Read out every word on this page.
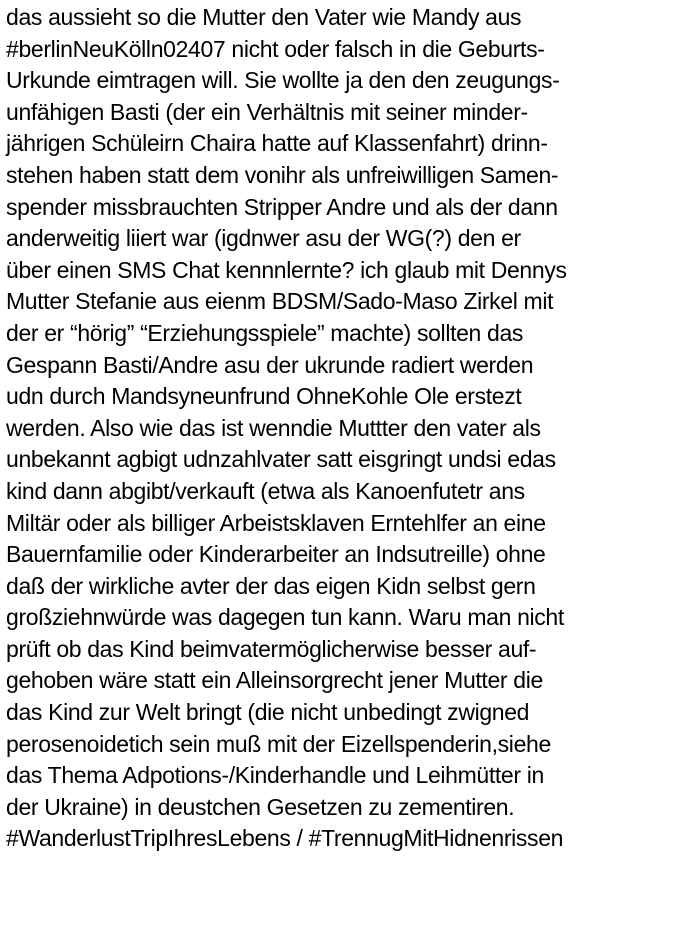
das aussieht so die Mutter den Vater wie Mandy aus
#berlinNeuKölln02407 nicht oder falsch in die Geburts-
Urkunde eimtragen will. Sie wollte ja den den zeugungs-
unfähigen Basti (der ein Verhältnis mit seiner minder-
jährigen Schüleirn Chaira hatte auf Klassenfahrt) drinn-
stehen haben statt dem vonihr als unfreiwilligen Samen-
spender missbrauchten Stripper Andre und als der dann
anderweitig liiert war (igdnwer asu der WG(?) den er
über einen SMS Chat kennnlernte? ich glaub mit Dennys
Mutter Stefanie aus eienm BDSM/Sado-Maso Zirkel mit
der er “hörig” “Erziehungsspiele” machte) sollten das
Gespann Basti/Andre asu der ukrunde radiert werden
udn durch Mandsyneunfrund OhneKohle Ole erstezt
werden. Also wie das ist wenndie Muttter den vater als
unbekannt agbigt udnzahlvater satt eisgringt undsi edas
kind dann abgibt/verkauft (etwa als Kanoenfutetr ans
Miltär oder als billiger Arbeistsklaven Erntehlfer an eine
Bauernfamilie oder Kinderarbeiter an Indsutreille) ohne
daß der wirkliche avter der das eigen Kidn selbst gern
großziehnwürde was dagegen tun kann. Waru man nicht
prüft ob das Kind beimvatermöglicherwise besser auf-
gehoben wäre statt ein Alleinsorgrecht jener Mutter die
das Kind zur Welt bringt (die nicht unbedingt zwigned
perosenoidetich sein muß mit der Eizellspenderin,siehe
das Thema Adpotions-/Kinderhandle und Leihmütter in
der Ukraine) in deustchen Gesetzen zu zementiren.
#WanderlustTripIhresLebens / #TrennugMitHidnenrissen
